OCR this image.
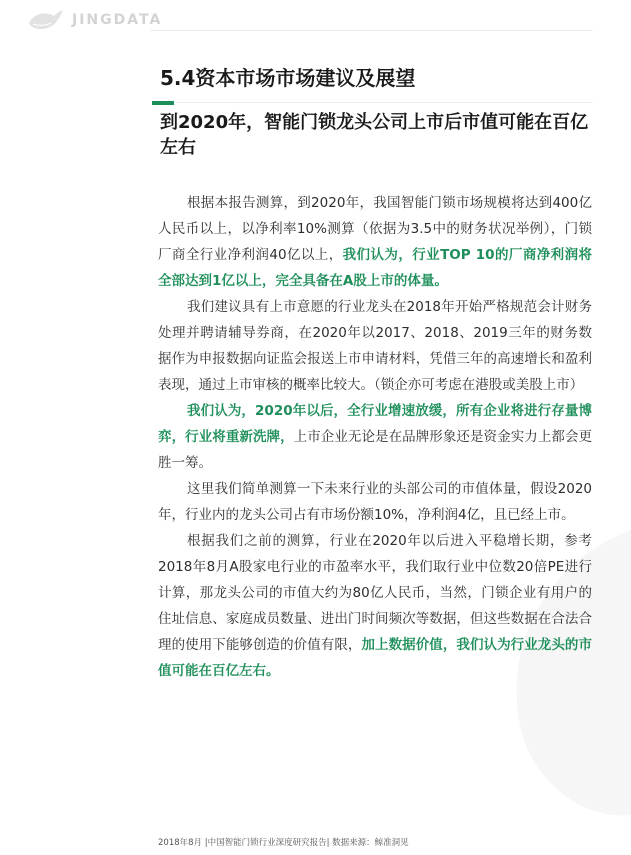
JINGDATA
5.4资本市场市场建议及展望
到2020年，智能门锁龙头公司上市后市值可能在百亿左右

根据本报告测算，到2020年，我国智能门锁市场规模将达到400亿人民币以上，以净利率10%测算（依据为3.5中的财务状况举例），门锁厂商全行业净利润40亿以上，我们认为，行业TOP 10的厂商净利润将全部达到1亿以上，完全具备在A股上市的体量。

我们建议具有上市意愿的行业龙头在2018年开始严格规范会计财务处理并聘请辅导券商，在2020年以2017、2018、2019三年的财务数据作为申报数据向证监会报送上市申请材料，凭借三年的高速增长和盈利表现，通过上市审核的概率比较大。（锁企亦可考虑在港股或美股上市）

我们认为，2020年以后，全行业增速放缓，所有企业将进行存量博弈，行业将重新洗牌，上市企业无论是在品牌形象还是资金实力上都会更胜一筹。

这里我们简单测算一下未来行业的头部公司的市值体量，假设2020年，行业内的龙头公司占有市场份额10%，净利润4亿，且已经上市。

根据我们之前的测算，行业在2020年以后进入平稳增长期，参考2018年8月A股家电行业的市盈率水平，我们取行业中位数20倍PE进行计算，那龙头公司的市值大约为80亿人民币，当然，门锁企业有用户的住址信息、家庭成员数量、进出门时间频次等数据，但这些数据在合法合理的使用下能够创造的价值有限，加上数据价值，我们认为行业龙头的市值可能在百亿左右。

2018年8月 |中国智能门锁行业深度研究报告| 数据来源：鲸准洞见
